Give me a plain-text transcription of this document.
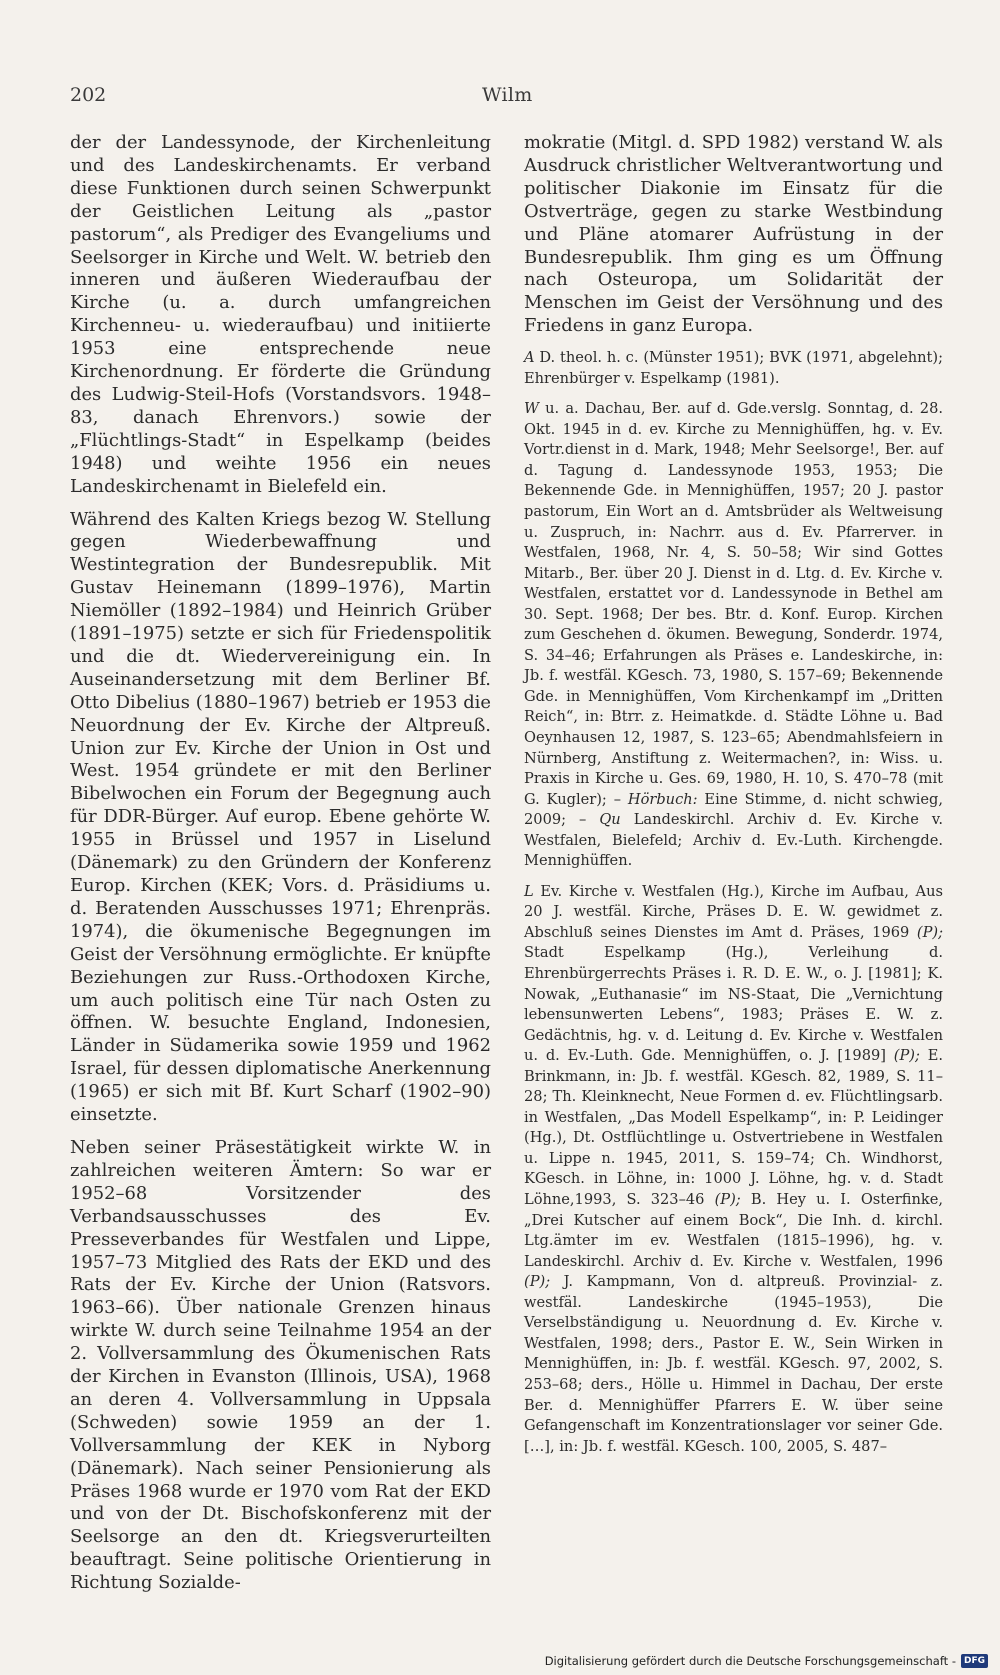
202	Wilm

der der Landessynode, der Kirchenleitung und des Landeskirchenamts. Er verband diese Funktionen durch seinen Schwerpunkt der Geistlichen Leitung als „pastor pastorum“, als Prediger des Evangeliums und Seelsorger in Kirche und Welt. W. betrieb den inneren und äußeren Wiederaufbau der Kirche (u. a. durch umfangreichen Kirchenneu- u. wiederaufbau) und initiierte 1953 eine entsprechende neue Kirchenordnung. Er förderte die Gründung des Ludwig-Steil-Hofs (Vorstandsvors. 1948–83, danach Ehrenvors.) sowie der „Flüchtlings-Stadt“ in Espelkamp (beides 1948) und weihte 1956 ein neues Landeskirchenamt in Bielefeld ein.

Während des Kalten Kriegs bezog W. Stellung gegen Wiederbewaffnung und Westintegration der Bundesrepublik. Mit Gustav Heinemann (1899–1976), Martin Niemöller (1892–1984) und Heinrich Grüber (1891–1975) setzte er sich für Friedenspolitik und die dt. Wiedervereinigung ein. In Auseinandersetzung mit dem Berliner Bf. Otto Dibelius (1880–1967) betrieb er 1953 die Neuordnung der Ev. Kirche der Altpreuß. Union zur Ev. Kirche der Union in Ost und West. 1954 gründete er mit den Berliner Bibelwochen ein Forum der Begegnung auch für DDR-Bürger. Auf europ. Ebene gehörte W. 1955 in Brüssel und 1957 in Liselund (Dänemark) zu den Gründern der Konferenz Europ. Kirchen (KEK; Vors. d. Präsidiums u. d. Beratenden Ausschusses 1971; Ehrenpräs. 1974), die ökumenische Begegnungen im Geist der Versöhnung ermöglichte. Er knüpfte Beziehungen zur Russ.-Orthodoxen Kirche, um auch politisch eine Tür nach Osten zu öffnen. W. besuchte England, Indonesien, Länder in Südamerika sowie 1959 und 1962 Israel, für dessen diplomatische Anerkennung (1965) er sich mit Bf. Kurt Scharf (1902–90) einsetzte.

Neben seiner Präsestätigkeit wirkte W. in zahlreichen weiteren Ämtern: So war er 1952–68 Vorsitzender des Verbandsausschusses des Ev. Presseverbandes für Westfalen und Lippe, 1957–73 Mitglied des Rats der EKD und des Rats der Ev. Kirche der Union (Ratsvors. 1963–66). Über nationale Grenzen hinaus wirkte W. durch seine Teilnahme 1954 an der 2. Vollversammlung des Ökumenischen Rats der Kirchen in Evanston (Illinois, USA), 1968 an deren 4. Vollversammlung in Uppsala (Schweden) sowie 1959 an der 1. Vollversammlung der KEK in Nyborg (Dänemark). Nach seiner Pensionierung als Präses 1968 wurde er 1970 vom Rat der EKD und von der Dt. Bischofskonferenz mit der Seelsorge an den dt. Kriegsverurteilten beauftragt. Seine politische Orientierung in Richtung Sozialde-

mokratie (Mitgl. d. SPD 1982) verstand W. als Ausdruck christlicher Weltverantwortung und politischer Diakonie im Einsatz für die Ostverträge, gegen zu starke Westbindung und Pläne atomarer Aufrüstung in der Bundesrepublik. Ihm ging es um Öffnung nach Osteuropa, um Solidarität der Menschen im Geist der Versöhnung und des Friedens in ganz Europa.

A D. theol. h. c. (Münster 1951); BVK (1971, abgelehnt); Ehrenbürger v. Espelkamp (1981).

W u. a. Dachau, Ber. auf d. Gde.verslg. Sonntag, d. 28. Okt. 1945 in d. ev. Kirche zu Mennighüffen, hg. v. Ev. Vortr.dienst in d. Mark, 1948; Mehr Seelsorge!, Ber. auf d. Tagung d. Landessynode 1953, 1953; Die Bekennende Gde. in Mennighüffen, 1957; 20 J. pastor pastorum, Ein Wort an d. Amtsbrüder als Weltweisung u. Zuspruch, in: Nachrr. aus d. Ev. Pfarrerver. in Westfalen, 1968, Nr. 4, S. 50–58; Wir sind Gottes Mitarb., Ber. über 20 J. Dienst in d. Ltg. d. Ev. Kirche v. Westfalen, erstattet vor d. Landessynode in Bethel am 30. Sept. 1968; Der bes. Btr. d. Konf. Europ. Kirchen zum Geschehen d. ökumen. Bewegung, Sonderdr. 1974, S. 34–46; Erfahrungen als Präses e. Landeskirche, in: Jb. f. westfäl. KGesch. 73, 1980, S. 157–69; Bekennende Gde. in Mennighüffen, Vom Kirchenkampf im „Dritten Reich“, in: Btrr. z. Heimatkde. d. Städte Löhne u. Bad Oeynhausen 12, 1987, S. 123–65; Abendmahlsfeiern in Nürnberg, Anstiftung z. Weitermachen?, in: Wiss. u. Praxis in Kirche u. Ges. 69, 1980, H. 10, S. 470–78 (mit G. Kugler); – Hörbuch: Eine Stimme, d. nicht schwieg, 2009; – Qu Landeskirchl. Archiv d. Ev. Kirche v. Westfalen, Bielefeld; Archiv d. Ev.-Luth. Kirchengde. Mennighüffen.

L Ev. Kirche v. Westfalen (Hg.), Kirche im Aufbau, Aus 20 J. westfäl. Kirche, Präses D. E. W. gewidmet z. Abschluß seines Dienstes im Amt d. Präses, 1969 (P); Stadt Espelkamp (Hg.), Verleihung d. Ehrenbürgerrechts Präses i. R. D. E. W., o. J. [1981]; K. Nowak, „Euthanasie“ im NS-Staat, Die „Vernichtung lebensunwerten Lebens“, 1983; Präses E. W. z. Gedächtnis, hg. v. d. Leitung d. Ev. Kirche v. Westfalen u. d. Ev.-Luth. Gde. Mennighüffen, o. J. [1989] (P); E. Brinkmann, in: Jb. f. westfäl. KGesch. 82, 1989, S. 11–28; Th. Kleinknecht, Neue Formen d. ev. Flüchtlingsarb. in Westfalen, „Das Modell Espelkamp“, in: P. Leidinger (Hg.), Dt. Ostflüchtlinge u. Ostvertriebene in Westfalen u. Lippe n. 1945, 2011, S. 159–74; Ch. Windhorst, KGesch. in Löhne, in: 1000 J. Löhne, hg. v. d. Stadt Löhne,1993, S. 323–46 (P); B. Hey u. I. Osterfinke, „Drei Kutscher auf einem Bock“, Die Inh. d. kirchl. Ltg.ämter im ev. Westfalen (1815–1996), hg. v. Landeskirchl. Archiv d. Ev. Kirche v. Westfalen, 1996 (P); J. Kampmann, Von d. altpreuß. Provinzial- z. westfäl. Landeskirche (1945–1953), Die Verselbständigung u. Neuordnung d. Ev. Kirche v. Westfalen, 1998; ders., Pastor E. W., Sein Wirken in Mennighüffen, in: Jb. f. westfäl. KGesch. 97, 2002, S. 253–68; ders., Hölle u. Himmel in Dachau, Der erste Ber. d. Mennighüffer Pfarrers E. W. über seine Gefangenschaft im Konzentrationslager vor seiner Gde. […], in: Jb. f. westfäl. KGesch. 100, 2005, S. 487–

Digitalisierung gefördert durch die Deutsche Forschungsgemeinschaft - DFG
